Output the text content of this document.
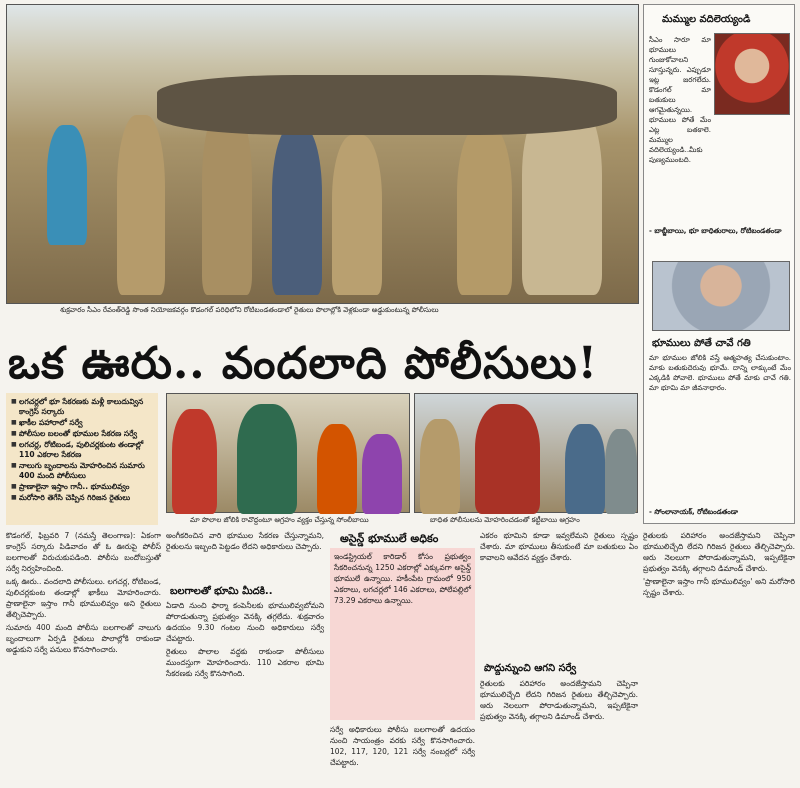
శుక్రవారం సీఎం రేవంత్‌రెడ్డి సొంత నియోజకవర్గం కొడంగల్ పరిధిలోని రోటిబండతండాలో రైతులు పొలాల్లోకి వెళ్లకుండా అడ్డుకుంటున్న పోలీసులు
ఒక ఊరు.. వందలాది పోలీసులు!
■ లగచర్లలో భూ సేకరణకు మళ్లీ కాలుదువ్విన కాంగ్రెస్ సర్కారు
■ ఖాకీల పహారాలో సర్వే
■ పోలీసుల బలంతో భూముల సేకరణ సర్వే
■ లగచర్ల, రోటిబండ, పులిచర్లకుంట తండాల్లో 110 ఎకరాల సేకరణ
■ నాలుగు బృందాలను మోహరించిన సుమారు 400 మంది పోలీసులు
■ ప్రాణాలైనా ఇస్తాం గానీ.. భూములివ్వం
■ మరోసారి తెగేసి చెప్పిన గిరిజన రైతులు
మా పొలాల జోలికి రావొద్దంటూ ఆగ్రహం వ్యక్తం చేస్తున్న సోంలీబాయి	బాధిత పోలీసులను మోహరించడంతో కట్టీబాయి ఆగ్రహం

కొడంగల్, ఫిబ్రవరి 7 (నమస్తే తెలంగాణ): ఏకంగా కాంగ్రెస్ సర్కారు పిడివాదం తో ఓ ఊరుపై పోలీస్ బలగాలతో విరుచుకుపడింది. పోలీసు బందోబస్తుతో సర్వే నిర్వహించింది.

ఒక్క ఊరు.. వందలాది పోలీసులు. లగచర్ల, రోటిబండ, పులిచర్లకుంట తండాల్లో ఖాకీలు మోహరించారు. ప్రాణాలైనా ఇస్తాం గానీ భూములివ్వం అని రైతులు తేల్చిచెప్పారు.

సుమారు 400 మంది పోలీసు బలగాలతో నాలుగు బృందాలుగా ఏర్పడి రైతులు పొలాల్లోకి రాకుండా అడ్డుకుని సర్వే పనులు కొనసాగించారు.

అంగీకరించిన వారి భూముల సేకరణ చేస్తున్నామని, రైతులను ఇబ్బంది పెట్టడం లేదని అధికారులు చెప్పారు.

బలగాలతో భూమి మీదకి..

ఏడాది నుంచి ఫార్మా కంపెనీలకు భూములివ్వబోమని పోరాడుతున్నా ప్రభుత్వం వెనక్కి తగ్గలేదు. శుక్రవారం ఉదయం 9.30 గంటల నుంచి అధికారులు సర్వే చేపట్టారు.

రైతులు పొలాల వద్దకు రాకుండా పోలీసులు ముందస్తుగా మోహరించారు. 110 ఎకరాల భూమి సేకరణకు సర్వే కొనసాగింది.

అసైన్డ్ భూములే అధికం

ఇండస్ట్రియల్ కారిడార్ కోసం ప్రభుత్వం సేకరించనున్న 1250 ఎకరాల్లో ఎక్కువగా అసైన్డ్ భూములే ఉన్నాయి. హకీంపేట గ్రామంలో 950 ఎకరాలు, లగచర్లలో 146 ఎకరాలు, పోలేపల్లిలో 73.29 ఎకరాలు ఉన్నాయి.

సర్వే అధికారులు పోలీసు బలగాలతో ఉదయం నుంచి సాయంత్రం వరకు సర్వే కొనసాగించారు. 102, 117, 120, 121 సర్వే నంబర్లలో సర్వే చేపట్టారు.

ఎకరం భూమిని కూడా ఇవ్వలేమని రైతులు స్పష్టం చేశారు. మా భూములు తీసుకుంటే మా బతుకులు ఏం కావాలని ఆవేదన వ్యక్తం చేశారు.

పొద్దున్నుంచి ఆగని సర్వే

రైతులకు పరిహారం అందజేస్తామని చెప్పినా భూములిచ్చేది లేదని గిరిజన రైతులు తేల్చిచెప్పారు. ఆరు నెలలుగా పోరాడుతున్నామని, ఇప్పటికైనా ప్రభుత్వం వెనక్కి తగ్గాలని డిమాండ్ చేశారు.

రైతులకు పరిహారం అందజేస్తామని చెప్పినా భూములిచ్చేది లేదని గిరిజన రైతులు తేల్చిచెప్పారు. ఆరు నెలలుగా పోరాడుతున్నామని, ఇప్పటికైనా ప్రభుత్వం వెనక్కి తగ్గాలని డిమాండ్ చేశారు.

'ప్రాణాలైనా ఇస్తాం గానీ భూములివ్వం' అని మరోసారి స్పష్టం చేశారు.

మమ్ముల వదిలెయ్యండి
సీఎం సారూ మా భూములు గుంజుకోవాలని సూస్తున్నరు. ఎప్పుడూ ఇట్ల జరగలేదు. కొడంగల్ మా బతుకులు ఆగమైతున్నయి. భూములు పోతే మేం ఎట్ల బతకాలె. మమ్ముల వదిలెయ్యండి..మీకు పుణ్యముంటది.
- బాబ్జీబాయి, భూ బాధితురాలు, రోటిబండతండా
భూములు పోతే చావే గతి
మా భూముల జోలికి వస్తే ఆత్మహత్య చేసుకుంటాం. మాకు బతుకుదెరువు భూమే. దాన్ని లాక్కుంటే మేం ఎక్కడికి పోవాలె. భూములు పోతే మాకు చావే గతి. మా భూమి మా జీవనాధారం.
- సోంలానాయక్, రోటిబండతండా
